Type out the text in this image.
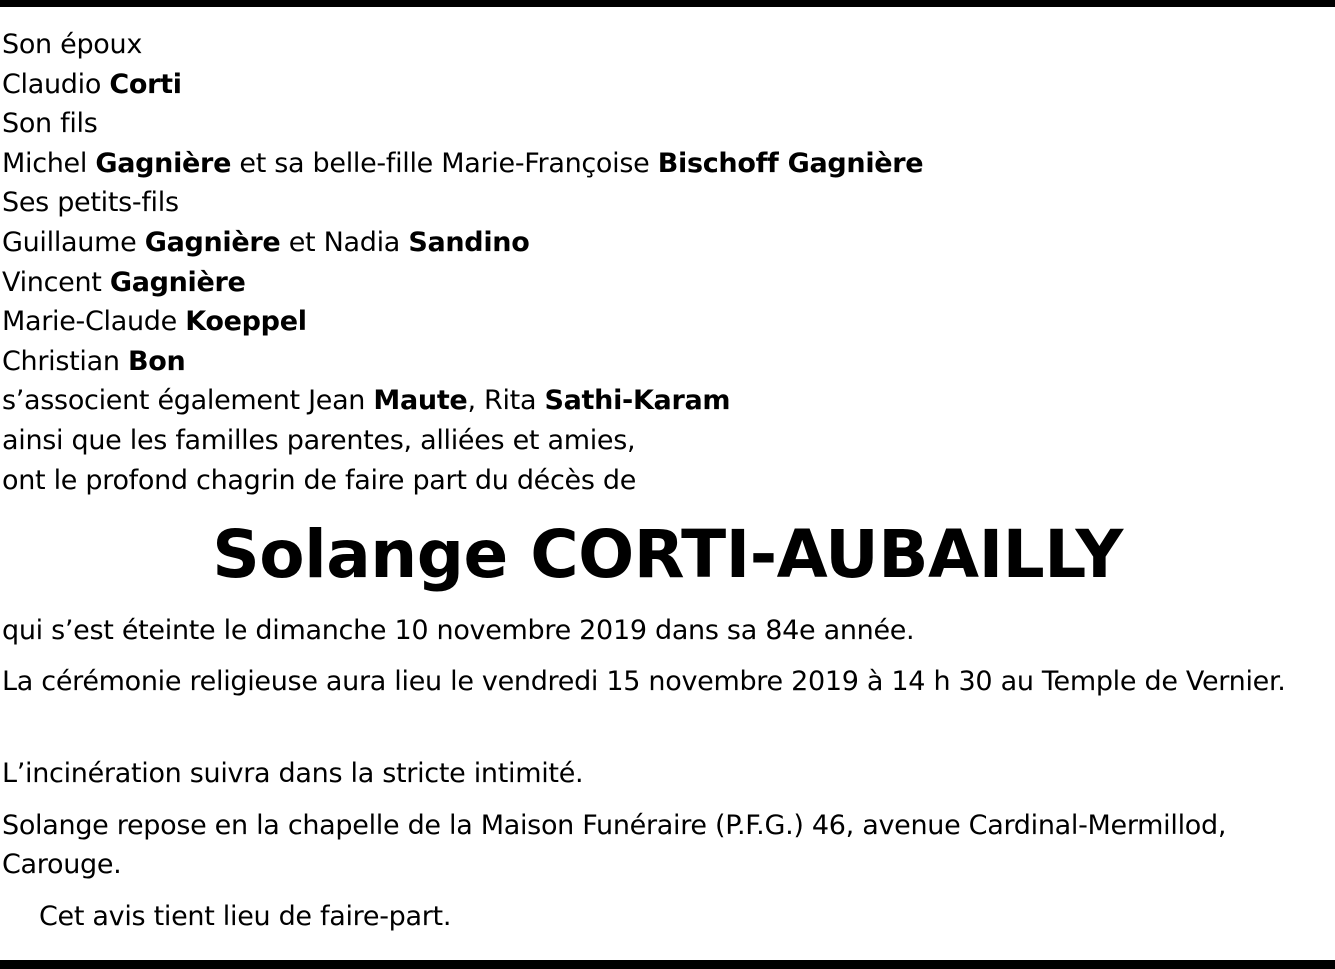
Son époux
Claudio Corti
Son fils
Michel Gagnière et sa belle-fille Marie-Françoise Bischoff Gagnière
Ses petits-fils
Guillaume Gagnière et Nadia Sandino
Vincent Gagnière
Marie-Claude Koeppel
Christian Bon
s’associent également Jean Maute, Rita Sathi-Karam
ainsi que les familles parentes, alliées et amies,
ont le profond chagrin de faire part du décès de
Solange CORTI-AUBAILLY

qui s’est éteinte le dimanche 10 novembre 2019 dans sa 84e année.

La cérémonie religieuse aura lieu le vendredi 15 novembre 2019 à 14 h 30 au Temple de Vernier.

L’incinération suivra dans la stricte intimité.

Solange repose en la chapelle de la Maison Funéraire (P.F.G.) 46, avenue Cardinal-Mermillod, Carouge.

Cet avis tient lieu de faire-part.
